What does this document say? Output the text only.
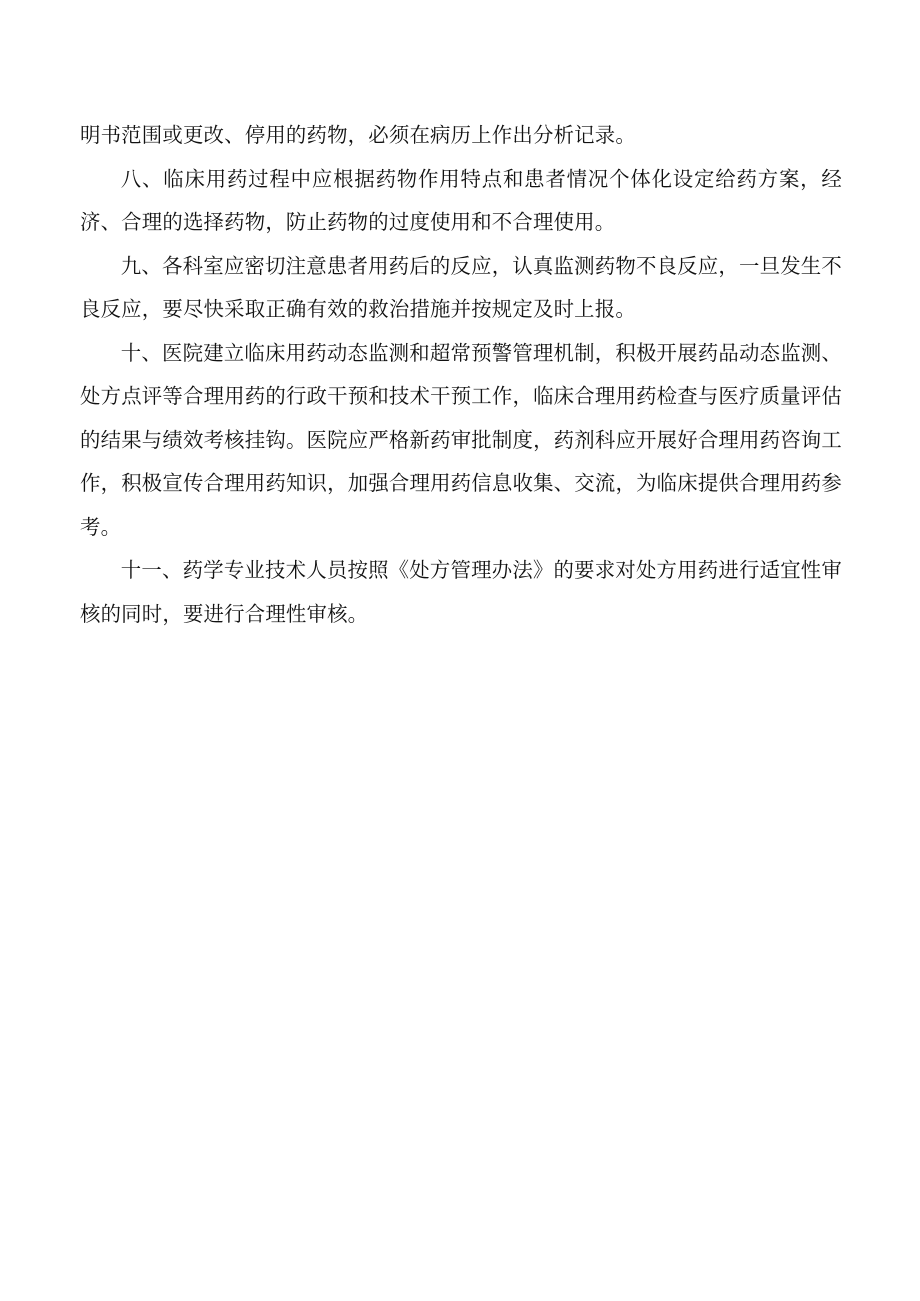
明书范围或更改、停用的药物，必须在病历上作出分析记录。

八、临床用药过程中应根据药物作用特点和患者情况个体化设定给药方案，经济、合理的选择药物，防止药物的过度使用和不合理使用。

九、各科室应密切注意患者用药后的反应，认真监测药物不良反应，一旦发生不良反应，要尽快采取正确有效的救治措施并按规定及时上报。

十、医院建立临床用药动态监测和超常预警管理机制，积极开展药品动态监测、处方点评等合理用药的行政干预和技术干预工作，临床合理用药检查与医疗质量评估的结果与绩效考核挂钩。医院应严格新药审批制度，药剂科应开展好合理用药咨询工作，积极宣传合理用药知识，加强合理用药信息收集、交流，为临床提供合理用药参考。

十一、药学专业技术人员按照《处方管理办法》的要求对处方用药进行适宜性审核的同时，要进行合理性审核。
